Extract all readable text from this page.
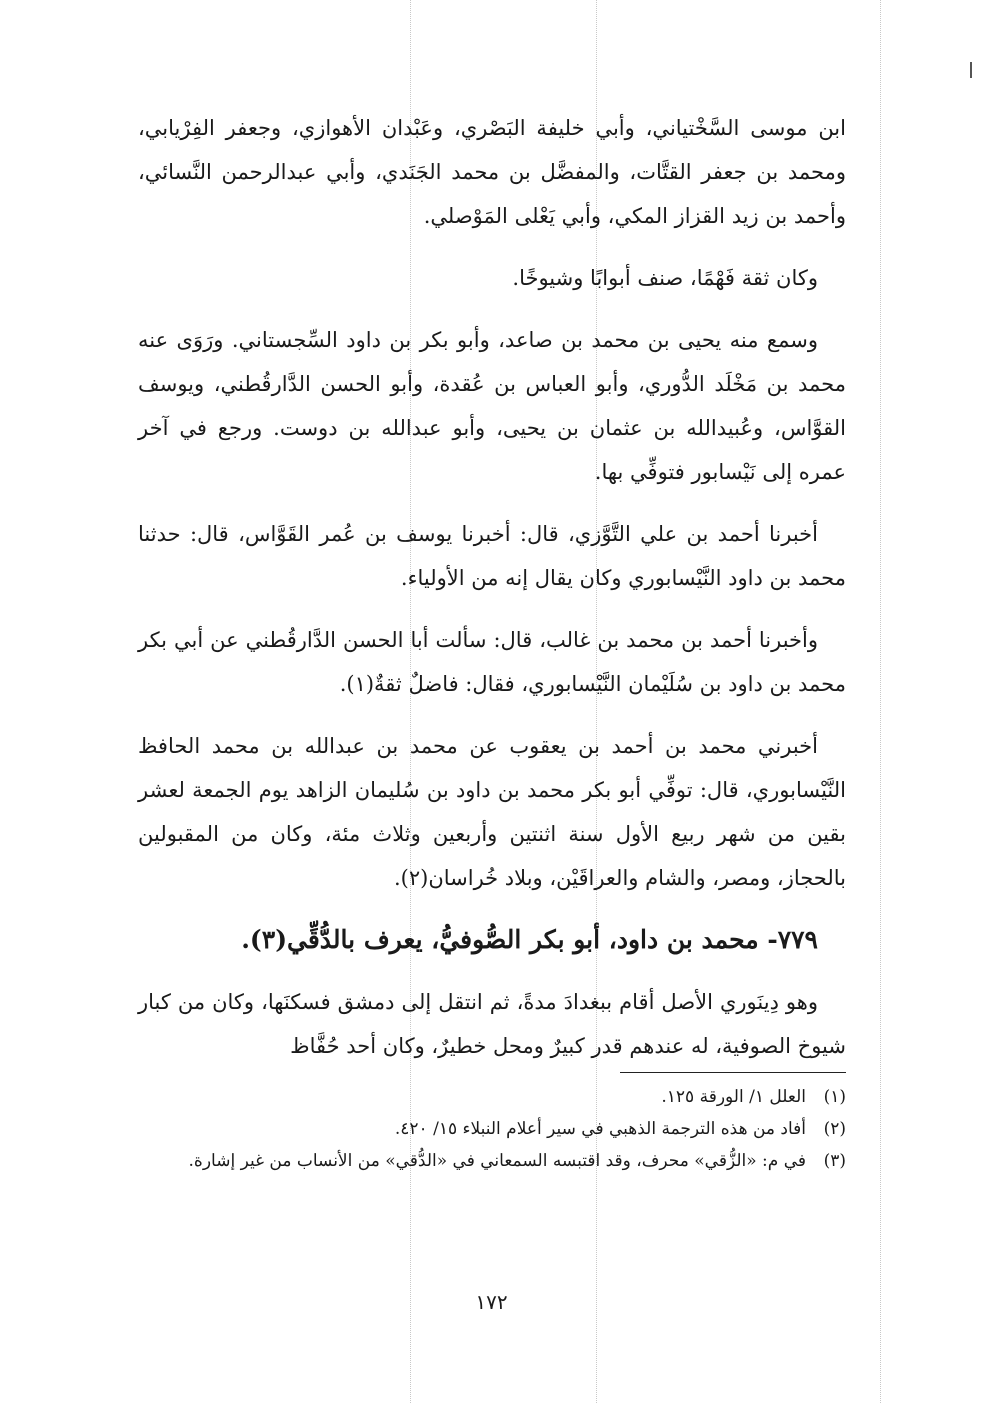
ابن موسى السَّخْتياني، وأبي خليفة البَصْري، وعَبْدان الأهوازي، وجعفر الفِرْيابي، ومحمد بن جعفر القتَّات، والمفضَّل بن محمد الجَنَدي، وأبي عبدالرحمن النَّسائي، وأحمد بن زيد القزاز المكي، وأبي يَعْلى المَوْصلي.

وكان ثقة فَهْمًا، صنف أبوابًا وشيوخًا.

وسمع منه يحيى بن محمد بن صاعد، وأبو بكر بن داود السِّجستاني. ورَوَى عنه محمد بن مَخْلَد الدُّوري، وأبو العباس بن عُقدة، وأبو الحسن الدَّارقُطني، ويوسف القوَّاس، وعُبيدالله بن عثمان بن يحيى، وأبو عبدالله بن دوست. ورجع في آخر عمره إلى نَيْسابور فتوفِّي بها.

أخبرنا أحمد بن علي التَّوَّزي، قال: أخبرنا يوسف بن عُمر القَوَّاس، قال: حدثنا محمد بن داود النَّيْسابوري وكان يقال إنه من الأولياء.

وأخبرنا أحمد بن محمد بن غالب، قال: سألت أبا الحسن الدَّارقُطني عن أبي بكر محمد بن داود بن سُلَيْمان النَّيْسابوري، فقال: فاضلٌ ثقةٌ(١).

أخبرني محمد بن أحمد بن يعقوب عن محمد بن عبدالله بن محمد الحافظ النَّيْسابوري، قال: توفِّي أبو بكر محمد بن داود بن سُليمان الزاهد يوم الجمعة لعشر بقين من شهر ربيع الأول سنة اثنتين وأربعين وثلاث مئة، وكان من المقبولين بالحجاز، ومصر، والشام والعراقَيْن، وبلاد خُراسان(٢).

٧٧٩- محمد بن داود، أبو بكر الصُّوفيُّ، يعرف بالدُّقِّي(٣).

وهو دِينَوري الأصل أقام ببغدادَ مدةً، ثم انتقل إلى دمشق فسكنَها، وكان من كبار شيوخ الصوفية، له عندهم قدر كبيرٌ ومحل خطيرٌ، وكان أحد حُفَّاظ

(١)
العلل ١/ الورقة ١٢٥.
(٢)
أفاد من هذه الترجمة الذهبي في سير أعلام النبلاء ١٥/ ٤٢٠.
(٣)
في م: «الزُّقي» محرف، وقد اقتبسه السمعاني في «الدُّقي» من الأنساب من غير إشارة.
١٧٢
